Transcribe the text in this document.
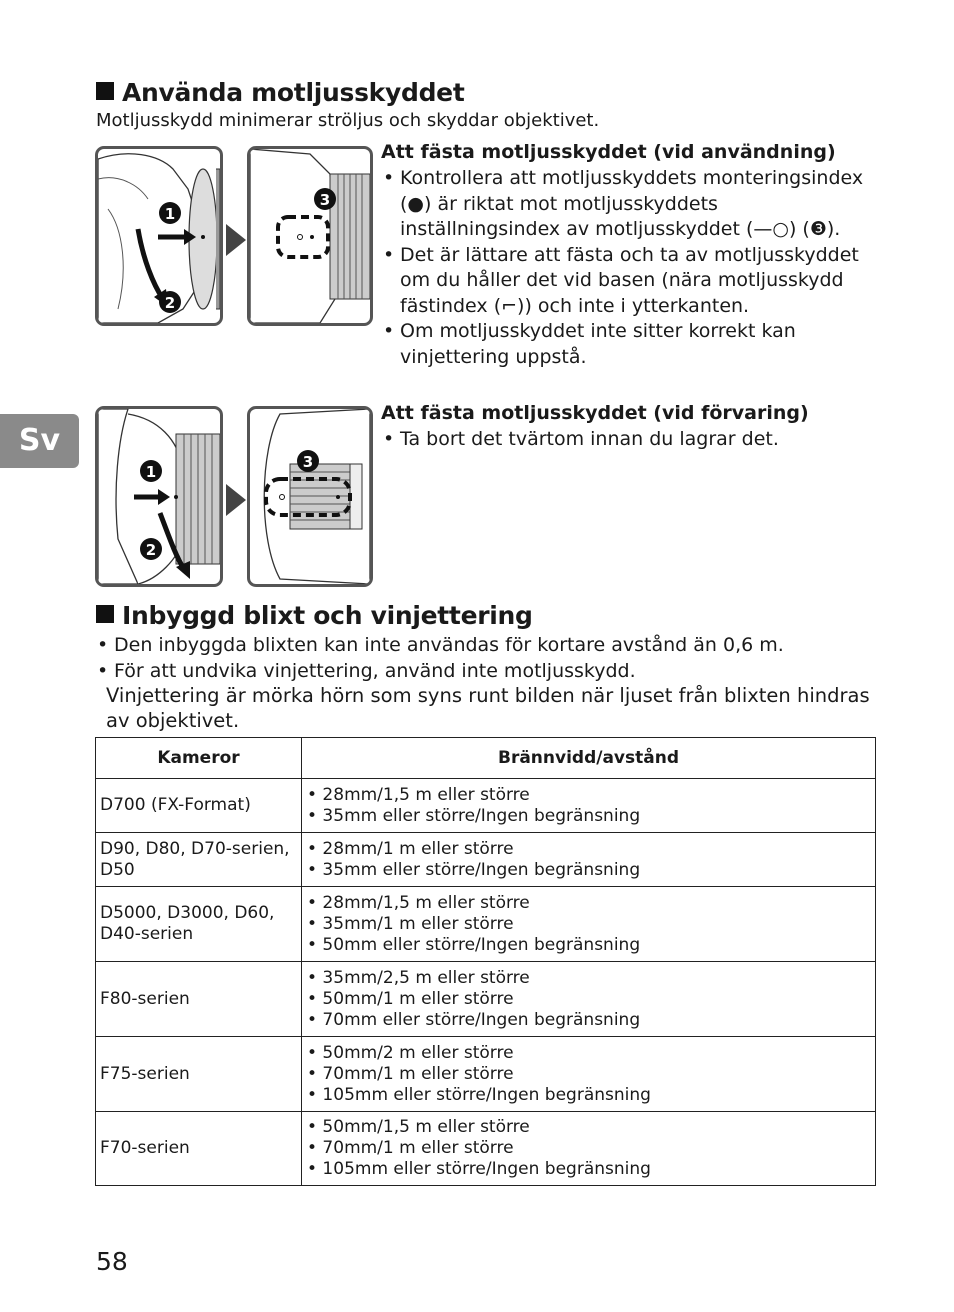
Använda motljusskyddet
Motljusskydd minimerar ströljus och skyddar objektivet.
1
2
3
Att fästa motljusskyddet (vid användning)
• Kontrollera att motljusskyddets monteringsindex (●) är riktat mot motljusskyddets inställningsindex av motljusskyddet (—○) (❸).
• Det är lättare att fästa och ta av motljusskyddet om du håller det vid basen (nära motljusskydd fästindex (⌐)) och inte i ytterkanten.
• Om motljusskyddet inte sitter korrekt kan vinjettering uppstå.
Sv
1
2
3
Att fästa motljusskyddet (vid förvaring)
• Ta bort det tvärtom innan du lagrar det.
Inbyggd blixt och vinjettering
• Den inbyggda blixten kan inte användas för kortare avstånd än 0,6 m.
• För att undvika vinjettering, använd inte motljusskydd.
Vinjettering är mörka hörn som syns runt bilden när ljuset från blixten hindras av objektivet.
Kameror	Brännvidd/avstånd
D700 (FX-Format)	• 28mm/1,5 m eller större
• 35mm eller större/Ingen begränsning

D90, D80, D70-serien, D50	• 28mm/1 m eller större
• 35mm eller större/Ingen begränsning

D5000, D3000, D60, D40-serien	• 28mm/1,5 m eller större
• 35mm/1 m eller större
• 50mm eller större/Ingen begränsning

F80-serien	• 35mm/2,5 m eller större
• 50mm/1 m eller större
• 70mm eller större/Ingen begränsning

F75-serien	• 50mm/2 m eller större
• 70mm/1 m eller större
• 105mm eller större/Ingen begränsning

F70-serien	• 50mm/1,5 m eller större
• 70mm/1 m eller större
• 105mm eller större/Ingen begränsning
58
